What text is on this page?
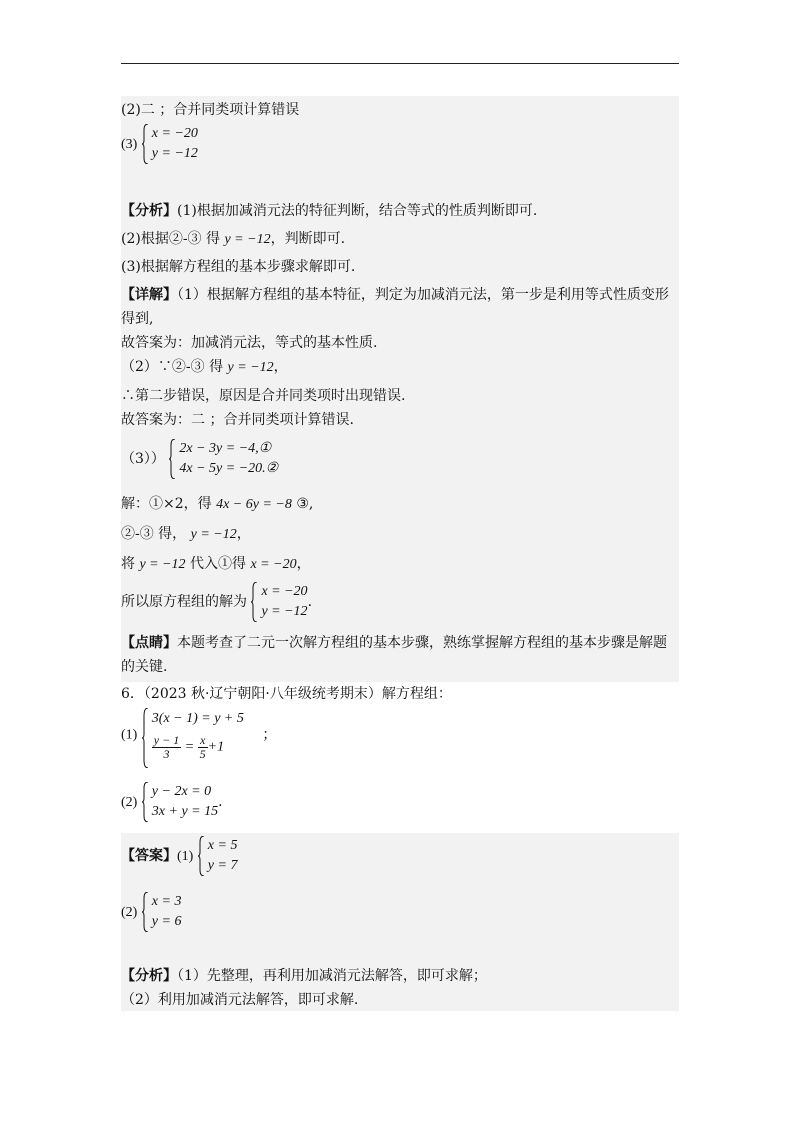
(2)二 ；合并同类项计算错误
(3)
x = −20
y = −12
【分析】(1)根据加减消元法的特征判断，结合等式的性质判断即可.
(2)根据②-③ 得 y = −12，判断即可.
(3)根据解方程组的基本步骤求解即可.
【详解】（1）根据解方程组的基本特征，判定为加减消元法，第一步是利用等式性质变形
得到,
故答案为：加减消元法，等式的基本性质.
（2）∵②-③ 得 y = −12，
∴第二步错误，原因是合并同类项时出现错误.
故答案为：二 ；合并同类项计算错误.
（3））
2x − 3y = −4,①
4x − 5y = −20.②
解：①×2，得 4x − 6y = −8 ③,
②-③ 得， y = −12，
将 y = −12 代入①得 x = −20，
所以原方程组的解为
x = −20
y = −12
.
【点睛】本题考查了二元一次解方程组的基本步骤，熟练掌握解方程组的基本步骤是解题
的关键.
6．（2023 秋·辽宁朝阳·八年级统考期末）解方程组：
(1)
3(x − 1) = y + 5
$\frac{y - 1}{3} = \frac{x}{5} +1$
；
(2)
y − 2x = 0
3x + y = 15
.
【答案】(1)
x = 5
y = 7
(2)
x = 3
y = 6
【分析】（1）先整理，再利用加减消元法解答，即可求解；
（2）利用加减消元法解答，即可求解.
